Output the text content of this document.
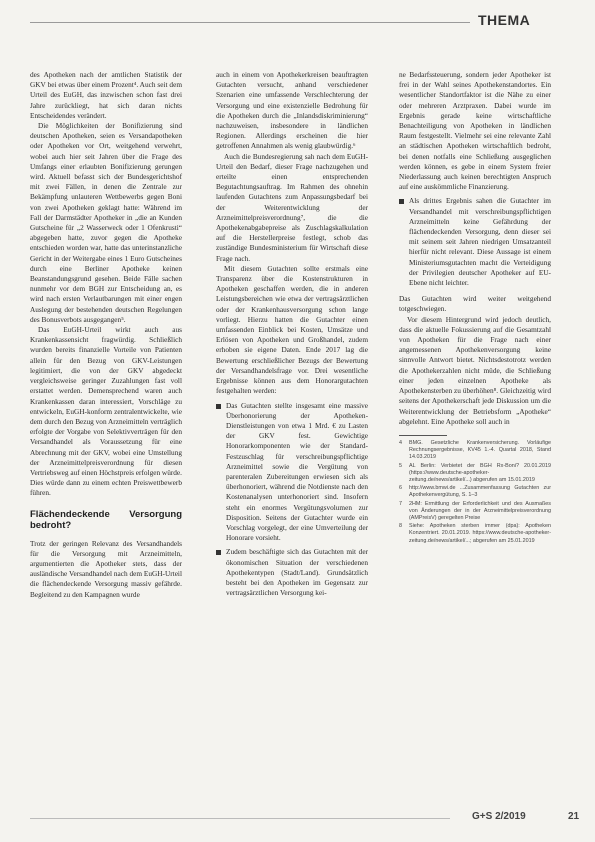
THEMA

des Apotheken nach der amtlichen Statistik der GKV bei etwas über einem Prozent⁴. Auch seit dem Urteil des EuGH, das inzwischen schon fast drei Jahre zurückliegt, hat sich daran nichts Entscheidendes verändert.

Die Möglichkeiten der Bonifizierung sind deutschen Apotheken, seien es Versandapotheken oder Apotheken vor Ort, weitgehend verwehrt, wobei auch hier seit Jahren über die Frage des Umfangs einer erlaubten Bonifizierung gerungen wird. Aktuell befasst sich der Bundesgerichtshof mit zwei Fällen, in denen die Zentrale zur Bekämpfung unlauteren Wettbewerbs gegen Boni von zwei Apotheken geklagt hatte: Während im Fall der Darmstädter Apotheker in „die an Kunden Gutscheine für „2 Wasserweck oder 1 Ofenkrusti“ abgegeben hatte, zuvor gegen die Apotheke entschieden worden war, hatte das unterinstanzliche Gericht in der Weitergabe eines 1 Euro Gutscheines durch eine Berliner Apotheke keinen Beanstandungsgrund gesehen. Beide Fälle sachen nunmehr vor dem BGH zur Entscheidung an, es wird nach ersten Verlautbarungen mit einer engen Auslegung der bestehenden deutschen Regelungen des Bonusverbots ausgegangen⁵.

Das EuGH-Urteil wirkt auch aus Krankenkassensicht fragwürdig. Schließlich wurden bereits finanzielle Vorteile von Patienten allein für den Bezug von GKV-Leistungen legitimiert, die von der GKV abgedeckt vergleichsweise geringer Zuzahlungen fast voll erstattet werden. Demensprechend waren auch Krankenkassen daran interessiert, Vorschläge zu entwickeln, EuGH-konform zentralentwickelte, wie dem durch den Bezug von Arzneimitteln verträglich erfolgte der Vorgabe von Selektivverträgen für den Versandhandel als Voraussetzung für eine Abrechnung mit der GKV, wobei eine Umstellung der Arzneimittelpreisverordnung für diesen Vertriebsweg auf einen Höchstpreis erfolgen würde. Dies würde dann zu einem echten Preiswettbewerb führen.

Flächendeckende Versorgung bedroht?

Trotz der geringen Relevanz des Versandhandels für die Versorgung mit Arzneimitteln, argumentierten die Apotheker stets, dass der ausländische Versandhandel nach dem EuGH-Urteil die flächendeckende Versorgung massiv gefährde. Begleitend zu den Kampagnen wurde

auch in einem von Apothekerkreisen beauftragten Gutachten versucht, anhand verschiedener Szenarien eine umfassende Verschlechterung der Versorgung und eine existenzielle Bedrohung für die Apotheken durch die „Inlandsdiskriminierung“ nachzuweisen, insbesondere in ländlichen Regionen. Allerdings erscheinen die hier getroffenen Annahmen als wenig glaubwürdig.⁶

Auch die Bundesregierung sah nach dem EuGH-Urteil den Bedarf, dieser Frage nachzugehen und erteilte einen entsprechenden Begutachtungsauftrag. Im Rahmen des ohnehin laufenden Gutachtens zum Anpassungsbedarf bei der Weiterentwicklung der Arzneimittelpreisverordnung⁷, die die Apothekenabgabepreise als Zuschlagskalkulation auf die Herstellerpreise festlegt, schob das zuständige Bundesministerium für Wirtschaft diese Frage nach.

Mit diesem Gutachten sollte erstmals eine Transparenz über die Kostenstrukturen in Apotheken geschaffen werden, die in anderen Leistungsbereichen wie etwa der vertragsärztlichen oder der Krankenhausversorgung schon lange vorliegt. Hierzu hatten die Gutachter einen umfassenden Einblick bei Kosten, Umsätze und Erlösen von Apotheken und Großhandel, zudem erhoben sie eigene Daten. Ende 2017 lag die Bewertung erschließlicher Bezugs der Bewertung der Versandhandelsfrage vor. Drei wesentliche Ergebnisse können aus dem Honorargutachten festgehalten werden:

Das Gutachten stellte insgesamt eine massive Überhonorierung der Apotheken-Dienstleistungen von etwa 1 Mrd. € zu Lasten der GKV fest. Gewichtige Honorarkomponenten wie der Standard-Festzuschlag für verschreibungspflichtige Arzneimittel sowie die Vergütung von parenteralen Zubereitungen erwiesen sich als überhonoriert, während die Notdienste nach den Kostenanalysen unterhonoriert sind. Insofern steht ein enormes Vergütungsvolumen zur Disposition. Seitens der Gutachter wurde ein Vorschlag vorgelegt, der eine Umverteilung der Honorare vorsieht.

Zudem beschäftigte sich das Gutachten mit der ökonomischen Situation der verschiedenen Apothekentypen (Stadt/Land). Grundsätzlich besteht bei den Apotheken im Gegensatz zur vertragsärztlichen Versorgung kei-

ne Bedarfssteuerung, sondern jeder Apotheker ist frei in der Wahl seines Apothekenstandortes. Ein wesentlicher Standortfaktor ist die Nähe zu einer oder mehreren Arztpraxen. Dabei wurde im Ergebnis gerade keine wirtschaftliche Benachteiligung von Apotheken in ländlichen Raum festgestellt. Vielmehr sei eine relevante Zahl an städtischen Apotheken wirtschaftlich bedroht, bei denen notfalls eine Schließung ausgeglichen werden können, es gebe in einem System freier Niederlassung auch keinen berechtigten Anspruch auf eine auskömmliche Finanzierung.

Als drittes Ergebnis sahen die Gutachter im Versandhandel mit verschreibungspflichtigen Arzneimitteln keine Gefährdung der flächendeckenden Versorgung, denn dieser sei mit seinem seit Jahren niedrigen Umsatzanteil hierfür nicht relevant. Diese Aussage ist einem Ministeriumsgutachten macht die Verteidigung der Privilegien deutscher Apotheker auf EU-Ebene nicht leichter.

Das Gutachten wird weiter weitgehend totgeschwiegen.

Vor diesem Hintergrund wird jedoch deutlich, dass die aktuelle Fokussierung auf die Gesamtzahl von Apotheken für die Frage nach einer angemessenen Apothekenversorgung keine sinnvolle Antwort bietet. Nichtsdestotrotz werden die Apothekerzahlen nicht müde, die Schließung einer jeden einzelnen Apotheke als Apothekensterben zu überhöhen⁸. Gleichzeitig wird seitens der Apothekerschaft jede Diskussion um die Weiterentwicklung der Betriebsform „Apotheke“ abgelehnt. Eine Apotheke soll auch in

4	BMG. Gesetzliche Krankenversicherung. Vorläufige Rechnungsergebnisse, KV45 1.-4. Quartal 2018, Stand 14.03.2019
5	AL Berlin: Verbietet der BGH Rx-Boni? 20.01.2019 (https://www.deutsche-apotheker-zeitung.de/news/artikel/...) abgerufen am 15.01.2019
6	http://www.bmwi.de ...Zusammenfassung Gutachten zur Apothekenvergütung, S. 1–3
7	2HM: Ermittlung der Erforderlichkeit und des Ausmaßes von Änderungen der in der Arzneimittelpreisverordnung (AMPreisV) geregelten Preise
8	Siehe: Apotheken sterben immer (dpa): Apotheken Konzentriert. 20.01.2019. https://www.deutsche-apotheker-zeitung.de/news/artikel/...; abgerufen am 25.01.2019
G+S 2/2019	21
